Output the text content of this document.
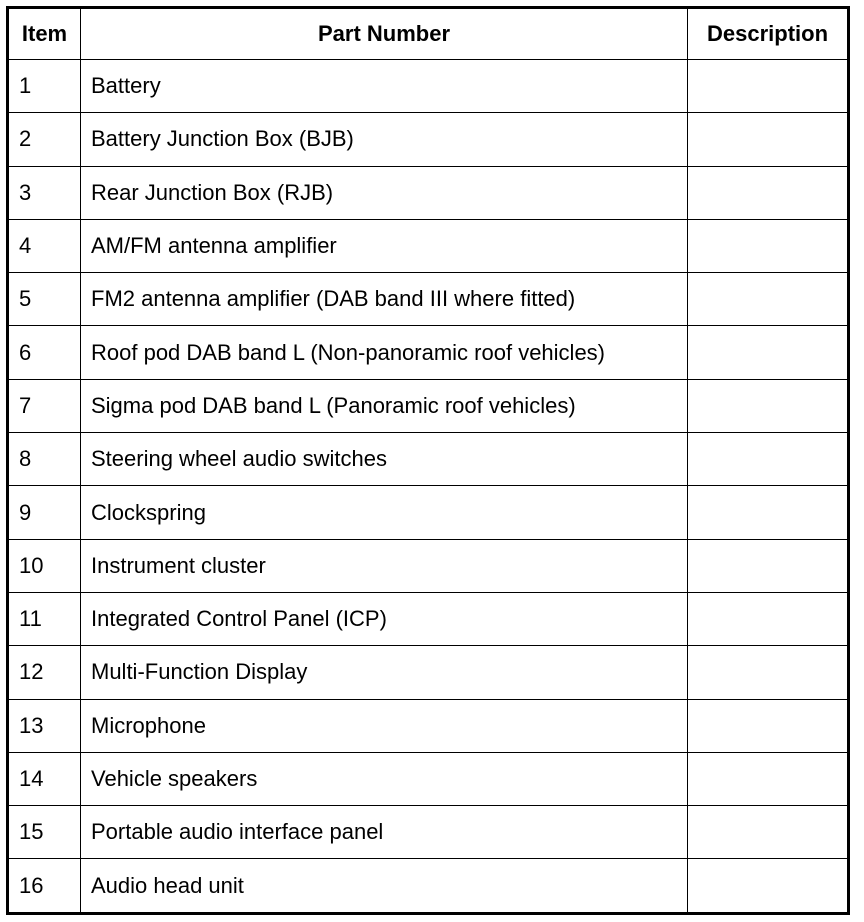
Item	Part Number	Description
1	Battery	
2	Battery Junction Box (BJB)	
3	Rear Junction Box (RJB)	
4	AM/FM antenna amplifier	
5	FM2 antenna amplifier (DAB band III where fitted)	
6	Roof pod DAB band L (Non-panoramic roof vehicles)	
7	Sigma pod DAB band L (Panoramic roof vehicles)	
8	Steering wheel audio switches	
9	Clockspring	
10	Instrument cluster	
11	Integrated Control Panel (ICP)	
12	Multi-Function Display	
13	Microphone	
14	Vehicle speakers	
15	Portable audio interface panel	
16	Audio head unit	
